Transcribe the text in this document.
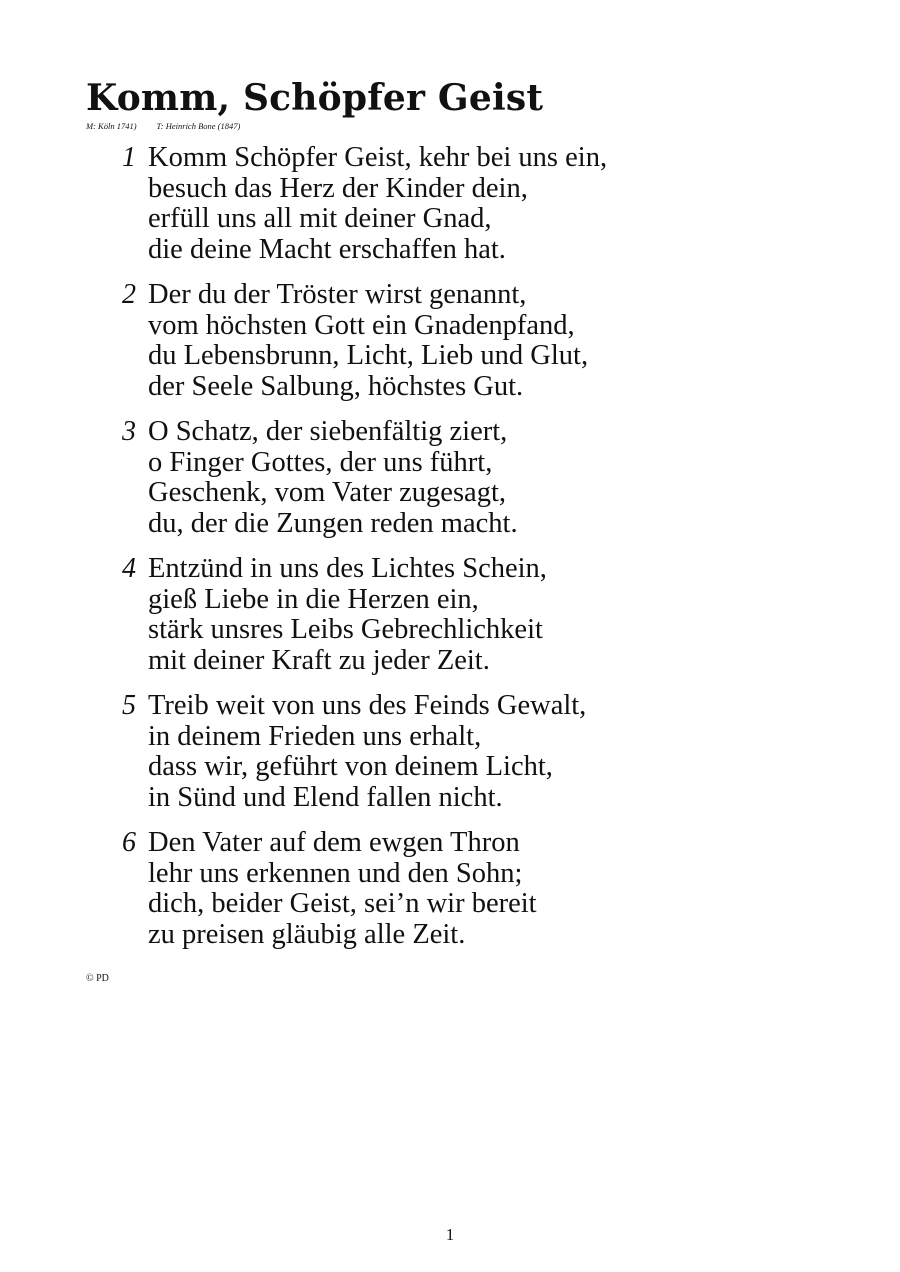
Komm, Schöpfer Geist
M: Köln 1741) T: Heinrich Bone (1847)
1 Komm Schöpfer Geist, kehr bei uns ein,
besuch das Herz der Kinder dein,
erfüll uns all mit deiner Gnad,
die deine Macht erschaffen hat.
2 Der du der Tröster wirst genannt,
vom höchsten Gott ein Gnadenpfand,
du Lebensbrunn, Licht, Lieb und Glut,
der Seele Salbung, höchstes Gut.
3 O Schatz, der siebenfältig ziert,
o Finger Gottes, der uns führt,
Geschenk, vom Vater zugesagt,
du, der die Zungen reden macht.
4 Entzünd in uns des Lichtes Schein,
gieß Liebe in die Herzen ein,
stärk unsres Leibs Gebrechlichkeit
mit deiner Kraft zu jeder Zeit.
5 Treib weit von uns des Feinds Gewalt,
in deinem Frieden uns erhalt,
dass wir, geführt von deinem Licht,
in Sünd und Elend fallen nicht.
6 Den Vater auf dem ewgen Thron
lehr uns erkennen und den Sohn;
dich, beider Geist, sei’n wir bereit
zu preisen gläubig alle Zeit.
© PD
1
